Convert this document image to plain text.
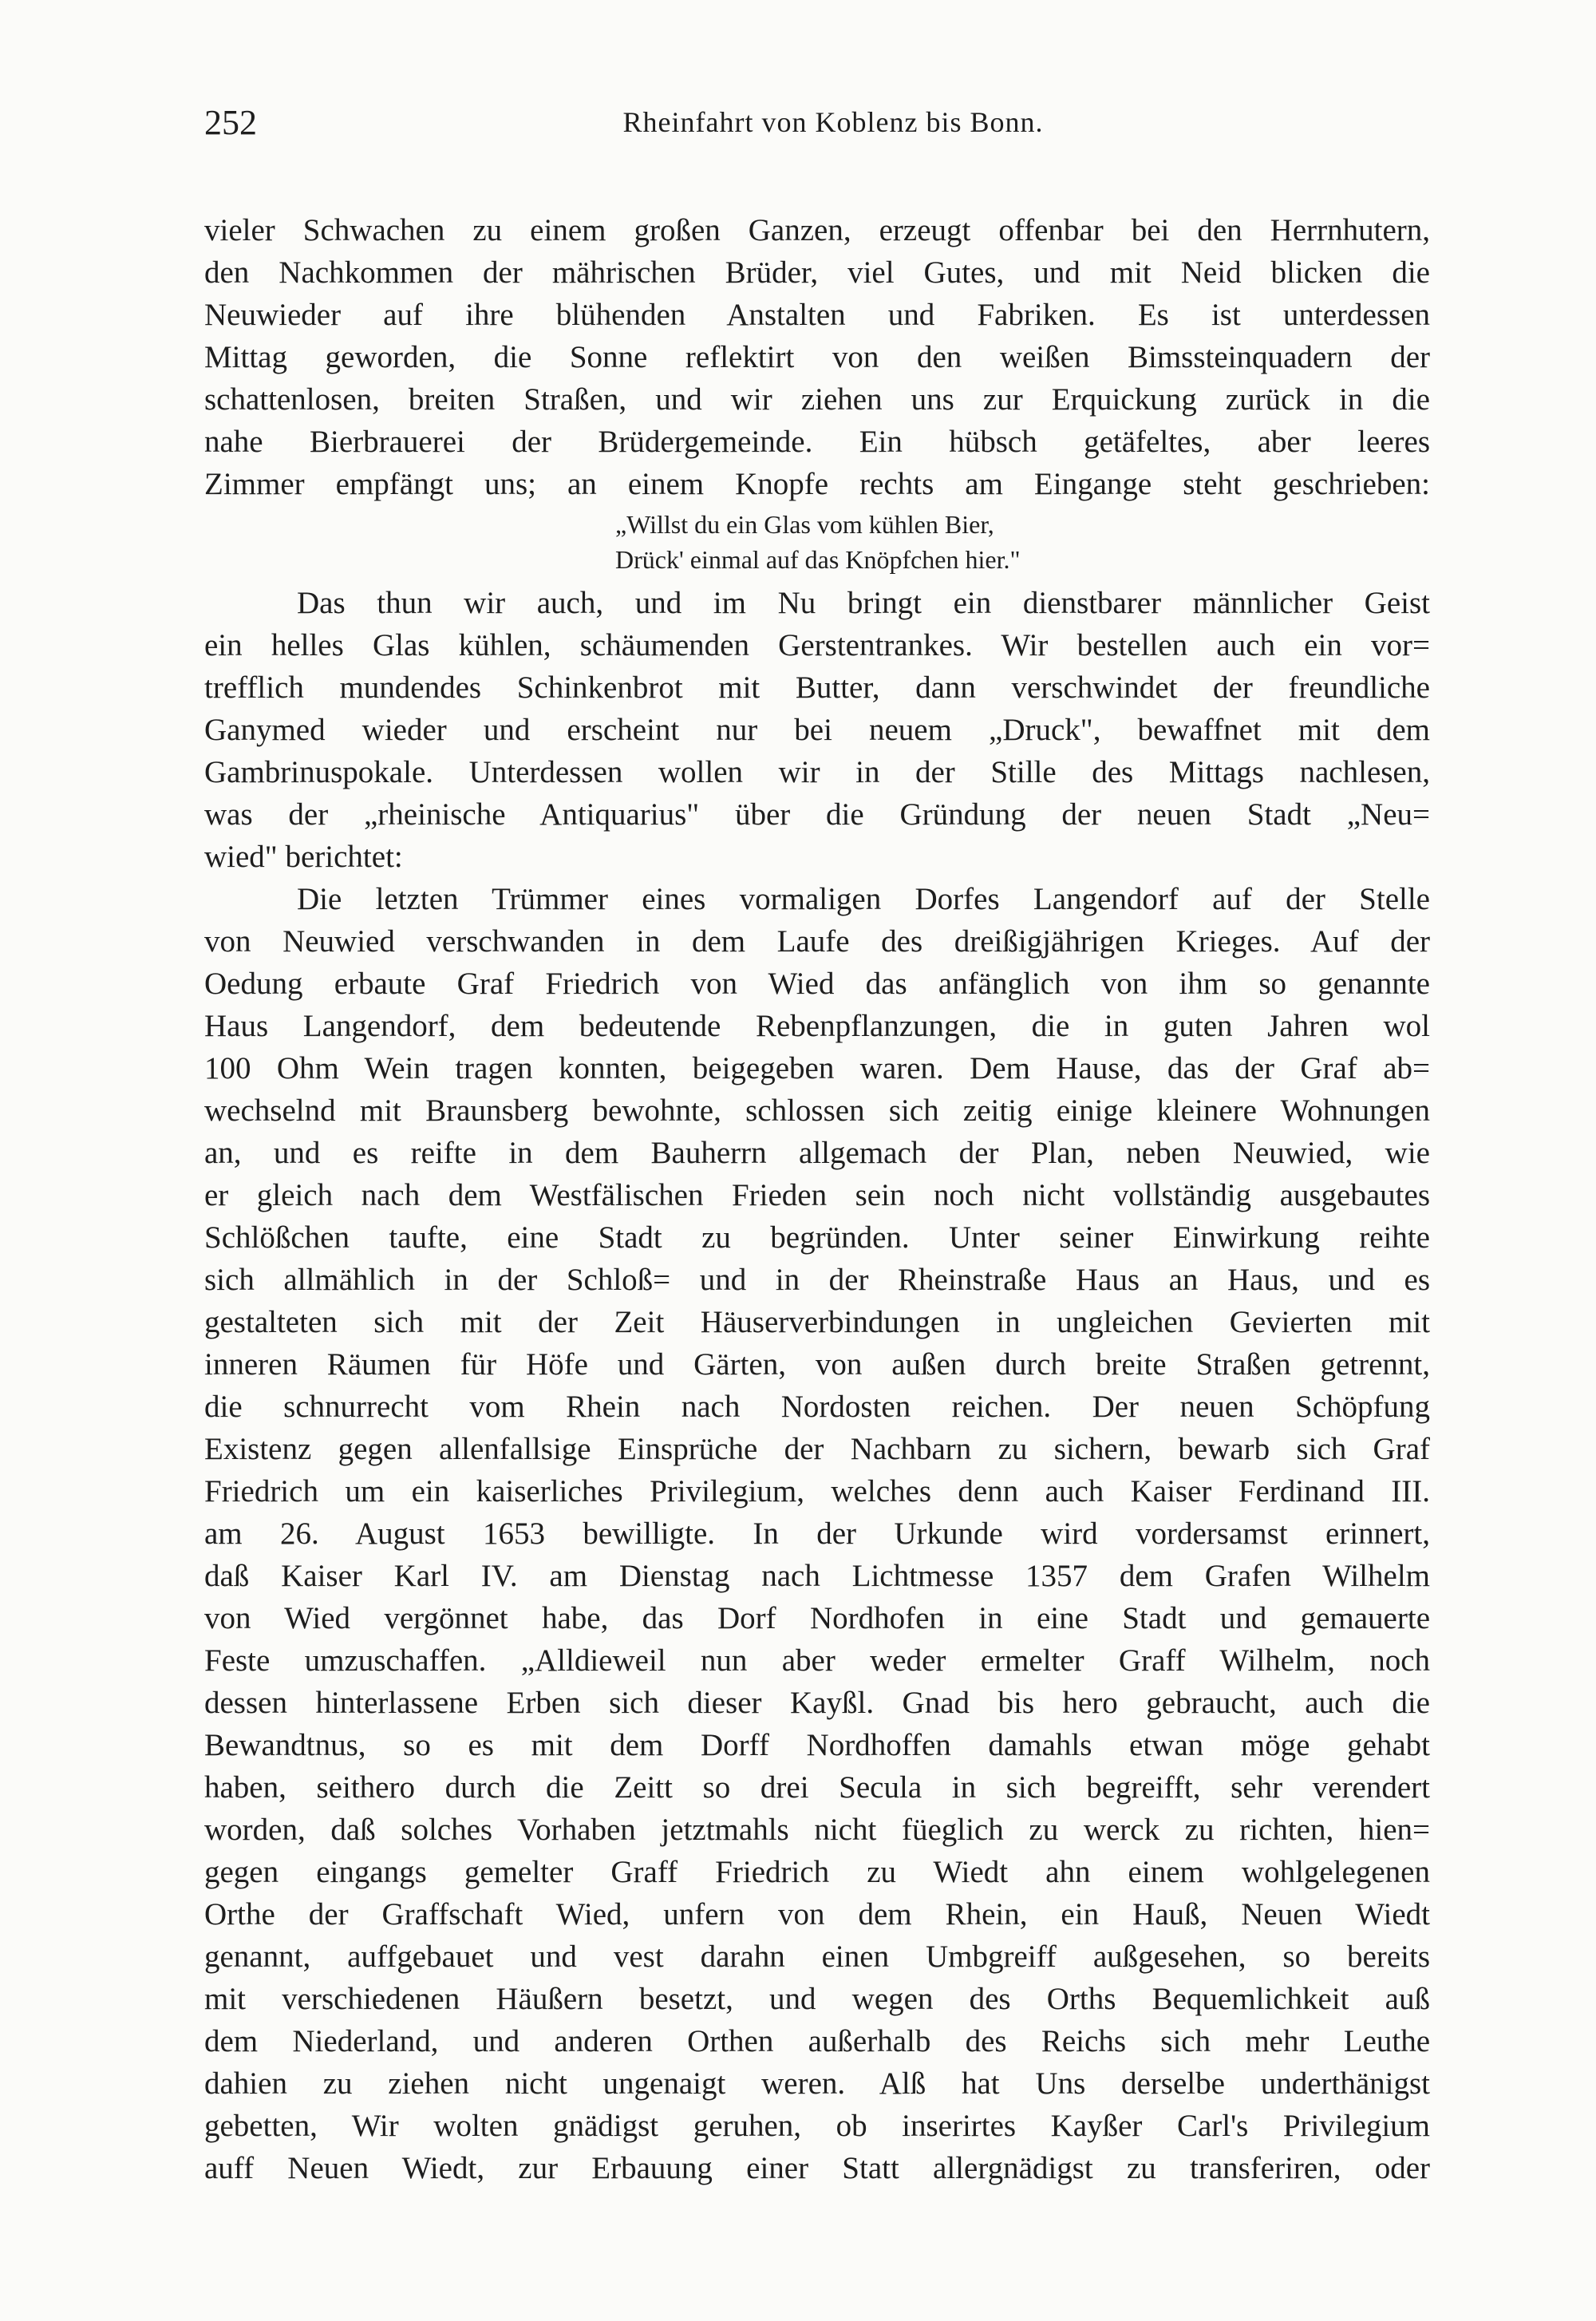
252	Rheinfahrt von Koblenz bis Bonn.
vieler Schwachen zu einem großen Ganzen, erzeugt offenbar bei den Herrnhutern,
den Nachkommen der mährischen Brüder, viel Gutes, und mit Neid blicken die
Neuwieder auf ihre blühenden Anstalten und Fabriken. Es ist unterdessen
Mittag geworden, die Sonne reflektirt von den weißen Bimssteinquadern der
schattenlosen, breiten Straßen, und wir ziehen uns zur Erquickung zurück in die
nahe Bierbrauerei der Brüdergemeinde. Ein hübsch getäfeltes, aber leeres
Zimmer empfängt uns; an einem Knopfe rechts am Eingange steht geschrieben:
„Willst du ein Glas vom kühlen Bier,
Drück' einmal auf das Knöpfchen hier."
Das thun wir auch, und im Nu bringt ein dienstbarer männlicher Geist
ein helles Glas kühlen, schäumenden Gerstentrankes. Wir bestellen auch ein vor=
trefflich mundendes Schinkenbrot mit Butter, dann verschwindet der freundliche
Ganymed wieder und erscheint nur bei neuem „Druck", bewaffnet mit dem
Gambrinuspokale. Unterdessen wollen wir in der Stille des Mittags nachlesen,
was der „rheinische Antiquarius" über die Gründung der neuen Stadt „Neu=
wied" berichtet:
Die letzten Trümmer eines vormaligen Dorfes Langendorf auf der Stelle
von Neuwied verschwanden in dem Laufe des dreißigjährigen Krieges. Auf der
Oedung erbaute Graf Friedrich von Wied das anfänglich von ihm so genannte
Haus Langendorf, dem bedeutende Rebenpflanzungen, die in guten Jahren wol
100 Ohm Wein tragen konnten, beigegeben waren. Dem Hause, das der Graf ab=
wechselnd mit Braunsberg bewohnte, schlossen sich zeitig einige kleinere Wohnungen
an, und es reifte in dem Bauherrn allgemach der Plan, neben Neuwied, wie
er gleich nach dem Westfälischen Frieden sein noch nicht vollständig ausgebautes
Schlößchen taufte, eine Stadt zu begründen. Unter seiner Einwirkung reihte
sich allmählich in der Schloß= und in der Rheinstraße Haus an Haus, und es
gestalteten sich mit der Zeit Häuserverbindungen in ungleichen Gevierten mit
inneren Räumen für Höfe und Gärten, von außen durch breite Straßen getrennt,
die schnurrecht vom Rhein nach Nordosten reichen. Der neuen Schöpfung
Existenz gegen allenfallsige Einsprüche der Nachbarn zu sichern, bewarb sich Graf
Friedrich um ein kaiserliches Privilegium, welches denn auch Kaiser Ferdinand III.
am 26. August 1653 bewilligte. In der Urkunde wird vordersamst erinnert,
daß Kaiser Karl IV. am Dienstag nach Lichtmesse 1357 dem Grafen Wilhelm
von Wied vergönnet habe, das Dorf Nordhofen in eine Stadt und gemauerte
Feste umzuschaffen. „Alldieweil nun aber weder ermelter Graff Wilhelm, noch
dessen hinterlassene Erben sich dieser Kayßl. Gnad bis hero gebraucht, auch die
Bewandtnus, so es mit dem Dorff Nordhoffen damahls etwan möge gehabt
haben, seithero durch die Zeitt so drei Secula in sich begreifft, sehr verendert
worden, daß solches Vorhaben jetztmahls nicht füeglich zu werck zu richten, hien=
gegen eingangs gemelter Graff Friedrich zu Wiedt ahn einem wohlgelegenen
Orthe der Graffschaft Wied, unfern von dem Rhein, ein Hauß, Neuen Wiedt
genannt, auffgebauet und vest darahn einen Umbgreiff außgesehen, so bereits
mit verschiedenen Häußern besetzt, und wegen des Orths Bequemlichkeit auß
dem Niederland, und anderen Orthen außerhalb des Reichs sich mehr Leuthe
dahien zu ziehen nicht ungenaigt weren. Alß hat Uns derselbe underthänigst
gebetten, Wir wolten gnädigst geruhen, ob inserirtes Kayßer Carl's Privilegium
auff Neuen Wiedt, zur Erbauung einer Statt allergnädigst zu transferiren, oder
